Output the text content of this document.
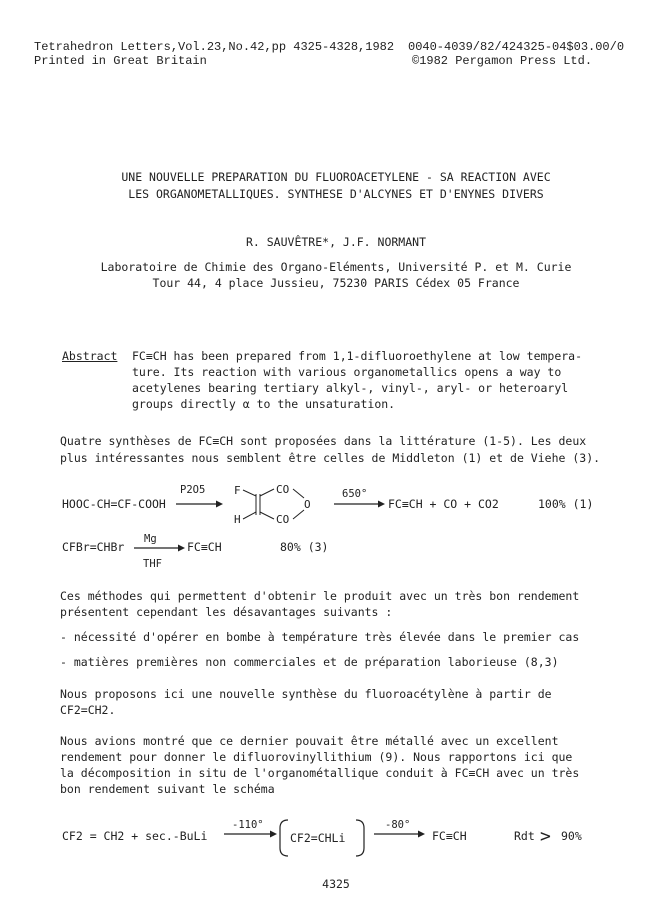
Tetrahedron Letters,Vol.23,No.42,pp 4325-4328,1982 0040-4039/82/424325-04$03.00/0
Printed in Great Britain	©1982 Pergamon Press Ltd.
UNE NOUVELLE PREPARATION DU FLUOROACETYLENE - SA REACTION AVEC
LES ORGANOMETALLIQUES. SYNTHESE D'ALCYNES ET D'ENYNES DIVERS
R. SAUVÊTRE*, J.F. NORMANT
Laboratoire de Chimie des Organo-Eléments, Université P. et M. Curie
Tour 44, 4 place Jussieu, 75230 PARIS Cédex 05 France
Abstract FC≡CH has been prepared from 1,1-difluoroethylene at low tempera-
ture. Its reaction with various organometallics opens a way to
acetylenes bearing tertiary alkyl-, vinyl-, aryl- or heteroaryl
groups directly α to the unsaturation.
Quatre synthèses de FC≡CH sont proposées dans la littérature (1-5). Les deux
plus intéressantes nous semblent être celles de Middleton (1) et de Viehe (3).
HOOC-CH=CF-COOH
P2O5	F
H
CO
CO
O
650°
FC≡CH + CO + CO2	100% (1)
CFBr=CHBr
Mg
THF
FC≡CH	80% (3)
Ces méthodes qui permettent d'obtenir le produit avec un très bon rendement
présentent cependant les désavantages suivants :
- nécessité d'opérer en bombe à température très élevée dans le premier cas
- matières premières non commerciales et de préparation laborieuse (8,3)
Nous proposons ici une nouvelle synthèse du fluoroacétylène à partir de
CF2=CH2.
Nous avions montré que ce dernier pouvait être métallé avec un excellent
rendement pour donner le difluorovinyllithium (9). Nous rapportons ici que
la décomposition in situ de l'organométallique conduit à FC≡CH avec un très
bon rendement suivant le schéma
CF2 = CH2 + sec.-BuLi
-110°
CF2=CHLi
-80°
FC≡CH	Rdt > 90%
4325
